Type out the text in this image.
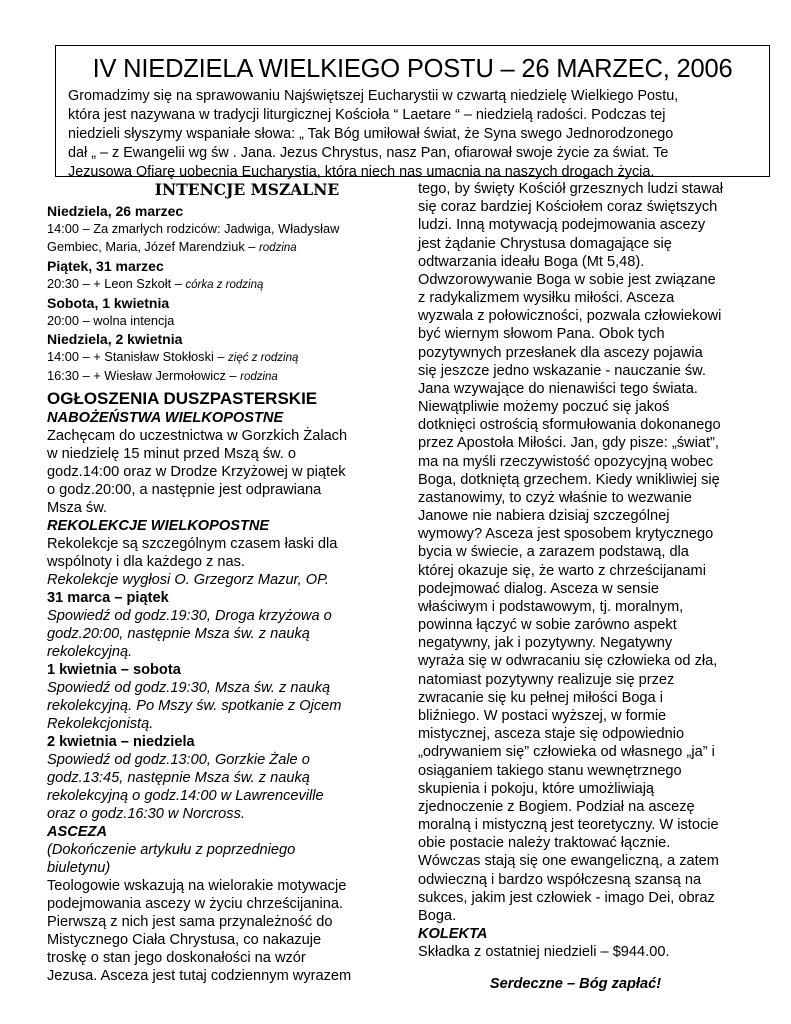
IV NIEDZIELA WIELKIEGO POSTU – 26 MARZEC, 2006
Gromadzimy się na sprawowaniu Najświętszej Eucharystii w czwartą niedzielę Wielkiego Postu,
która jest nazywana w tradycji liturgicznej Kościoła “ Laetare “ – niedzielą radości. Podczas tej
niedzieli słyszymy wspaniałe słowa: „ Tak Bóg umiłował świat, że Syna swego Jednorodzonego
dał „ – z Ewangelii wg św . Jana. Jezus Chrystus, nasz Pan, ofiarował swoje życie za świat. Te
Jezusowa Ofiarę uobecnia Eucharystia, która niech nas umacnia na naszych drogach życia.
INTENCJE MSZALNE
Niedziela, 26 marzec
14:00 – Za zmarłych rodziców: Jadwiga, Władysław
Gembiec, Maria, Józef Marendziuk – rodzina
Piątek, 31 marzec
20:30 – + Leon Szkołt – córka z rodziną
Sobota, 1 kwietnia
20:00 – wolna intencja
Niedziela, 2 kwietnia
14:00 – + Stanisław Stokłoski – zięć z rodziną
16:30 – + Wiesław Jermołowicz – rodzina
OGŁOSZENIA DUSZPASTERSKIE
NABOŻEŃSTWA WIELKOPOSTNE
Zachęcam do uczestnictwa w Gorzkich Żalach
w niedzielę 15 minut przed Mszą św. o
godz.14:00 oraz w Drodze Krzyżowej w piątek
o godz.20:00, a następnie jest odprawiana
Msza św.
REKOLEKCJE WIELKOPOSTNE
Rekolekcje są szczególnym czasem łaski dla
wspólnoty i dla każdego z nas.
Rekolekcje wygłosi O. Grzegorz Mazur, OP.
31 marca – piątek
Spowiedź od godz.19:30, Droga krzyżowa o
godz.20:00, następnie Msza św. z nauką
rekolekcyjną.
1 kwietnia – sobota
Spowiedź od godz.19:30, Msza św. z nauką
rekolekcyjną. Po Mszy św. spotkanie z Ojcem
Rekolekcjonistą.
2 kwietnia – niedziela
Spowiedź od godz.13:00, Gorzkie Żale o
godz.13:45, następnie Msza św. z nauką
rekolekcyjną o godz.14:00 w Lawrenceville
oraz o godz.16:30 w Norcross.
ASCEZA
(Dokończenie artykułu z poprzedniego
biuletynu)
Teologowie wskazują na wielorakie motywacje
podejmowania ascezy w życiu chrześcijanina.
Pierwszą z nich jest sama przynależność do
Mistycznego Ciała Chrystusa, co nakazuje
troskę o stan jego doskonałości na wzór
Jezusa. Asceza jest tutaj codziennym wyrazem
tego, by święty Kościół grzesznych ludzi stawał
się coraz bardziej Kościołem coraz świętszych
ludzi. Inną motywacją podejmowania ascezy
jest żądanie Chrystusa domagające się
odtwarzania ideału Boga (Mt 5,48).
Odwzorowywanie Boga w sobie jest związane
z radykalizmem wysiłku miłości. Asceza
wyzwala z połowiczności, pozwala człowiekowi
być wiernym słowom Pana. Obok tych
pozytywnych przesłanek dla ascezy pojawia
się jeszcze jedno wskazanie - nauczanie św.
Jana wzywające do nienawiści tego świata.
Niewątpliwie możemy poczuć się jakoś
dotknięci ostrością sformułowania dokonanego
przez Apostoła Miłości. Jan, gdy pisze: „świat”,
ma na myśli rzeczywistość opozycyjną wobec
Boga, dotkniętą grzechem. Kiedy wnikliwiej się
zastanowimy, to czyż właśnie to wezwanie
Janowe nie nabiera dzisiaj szczególnej
wymowy? Asceza jest sposobem krytycznego
bycia w świecie, a zarazem podstawą, dla
której okazuje się, że warto z chrześcijanami
podejmować dialog. Asceza w sensie
właściwym i podstawowym, tj. moralnym,
powinna łączyć w sobie zarówno aspekt
negatywny, jak i pozytywny. Negatywny
wyraża się w odwracaniu się człowieka od zła,
natomiast pozytywny realizuje się przez
zwracanie się ku pełnej miłości Boga i
bliźniego. W postaci wyższej, w formie
mistycznej, asceza staje się odpowiednio
„odrywaniem się” człowieka od własnego „ja” i
osiąganiem takiego stanu wewnętrznego
skupienia i pokoju, które umożliwiają
zjednoczenie z Bogiem. Podział na ascezę
moralną i mistyczną jest teoretyczny. W istocie
obie postacie należy traktować łącznie.
Wówczas stają się one ewangeliczną, a zatem
odwieczną i bardzo współczesną szansą na
sukces, jakim jest człowiek - imago Dei, obraz
Boga.
KOLEKTA
Składka z ostatniej niedzieli – $944.00.
Serdeczne – Bóg zapłać!
